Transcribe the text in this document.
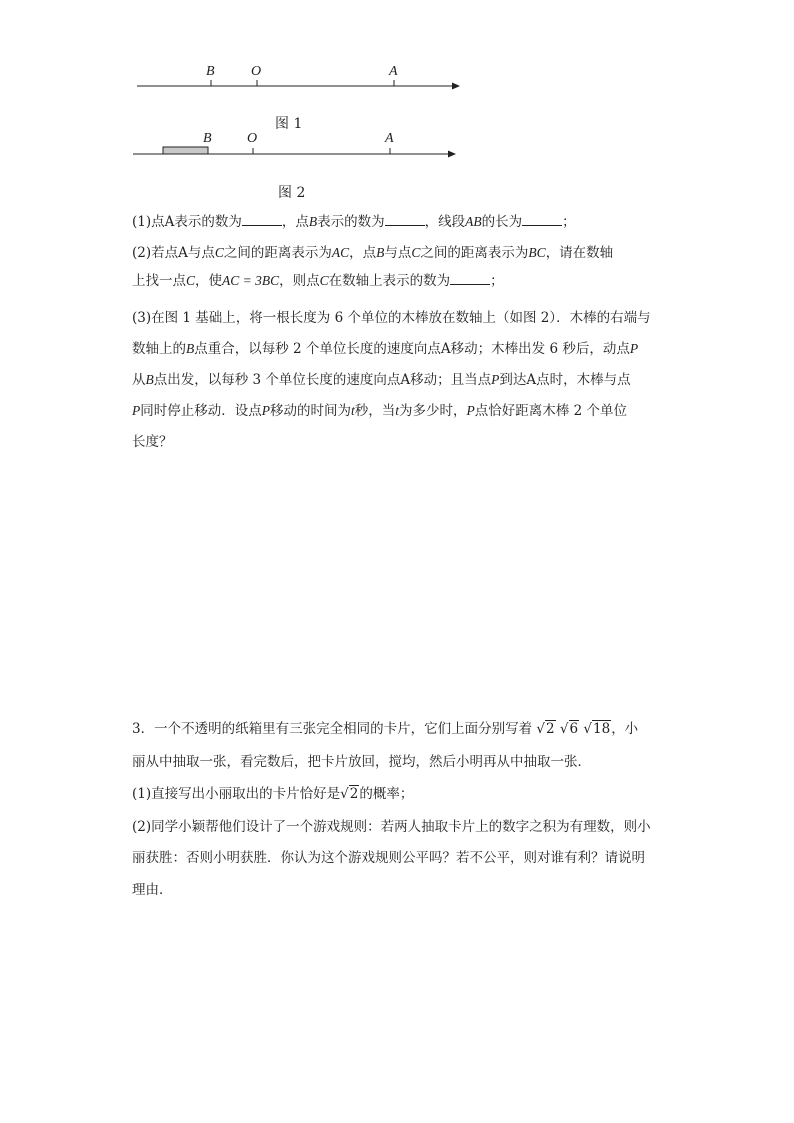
B	O	A
图 1
B	O	A
图 2
(1)点A表示的数为	，点B表示的数为	，线段AB的长为	；
(2)若点A与点C之间的距离表示为AC，点B与点C之间的距离表示为BC，请在数轴
上找一点C，使AC = 3BC，则点C在数轴上表示的数为	；
(3)在图 1 基础上，将一根长度为 6 个单位的木棒放在数轴上（如图 2）．木棒的右端与
数轴上的B点重合，以每秒 2 个单位长度的速度向点A移动；木棒出发 6 秒后，动点P
从B点出发，以每秒 3 个单位长度的速度向点A移动；且当点P到达A点时，木棒与点
P同时停止移动．设点P移动的时间为t秒，当t为多少时，P点恰好距离木棒 2 个单位
长度？
3．一个不透明的纸箱里有三张完全相同的卡片，它们上面分别写着 √2 √6 √18，小
丽从中抽取一张，看完数后，把卡片放回，搅均，然后小明再从中抽取一张．
(1)直接写出小丽取出的卡片恰好是√2的概率；
(2)同学小颖帮他们设计了一个游戏规则：若两人抽取卡片上的数字之积为有理数，则小
丽获胜：否则小明获胜．你认为这个游戏规则公平吗？若不公平，则对谁有利？请说明
理由．
